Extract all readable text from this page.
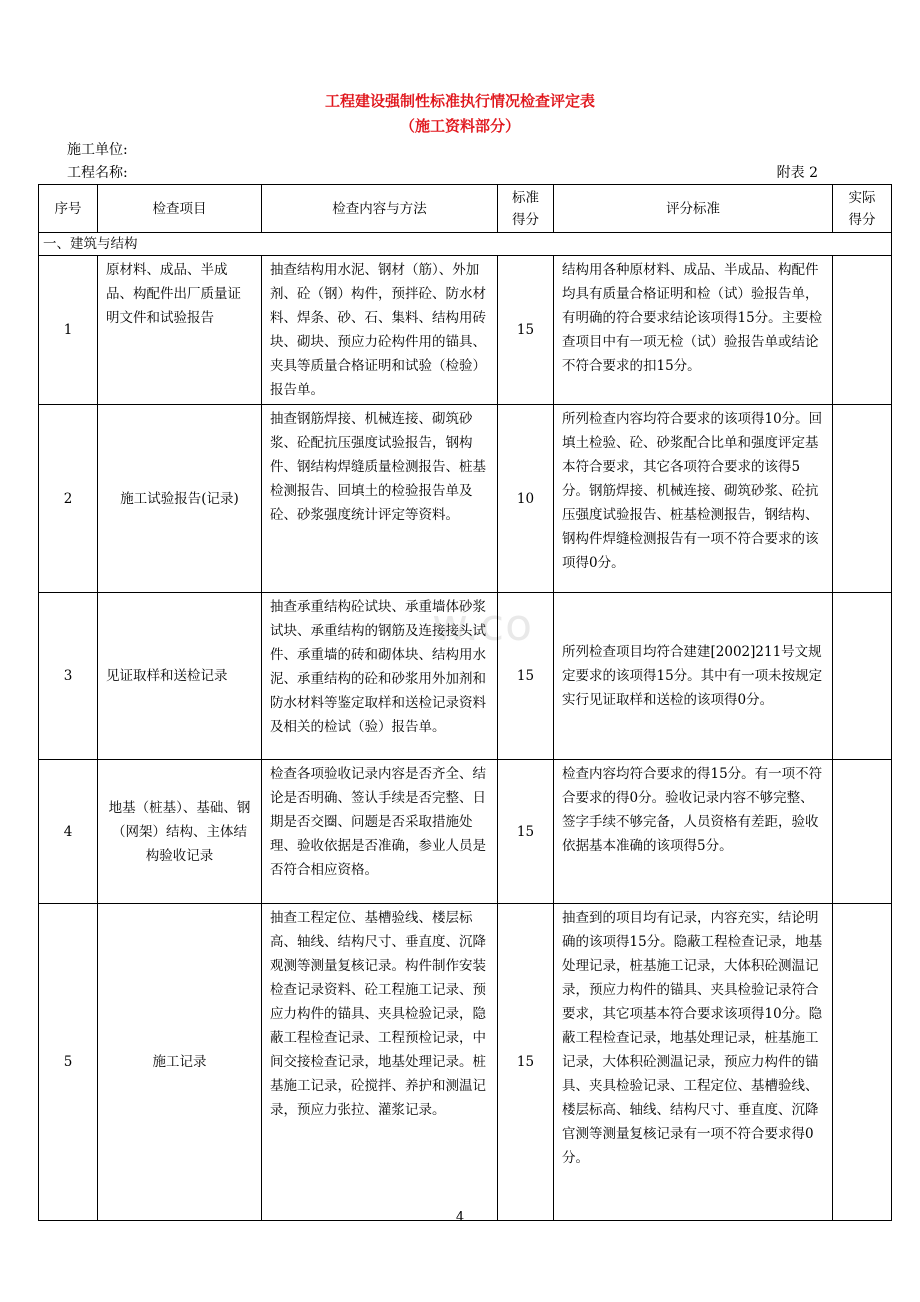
工程建设强制性标准执行情况检查评定表
（施工资料部分）
施工单位:
工程名称:	附表 2
w.co
序号	检查项目	检查内容与方法	标准得分	评分标准	实际得分
一、建筑与结构					
1	原材料、成品、半成品、构配件出厂质量证明文件和试验报告	抽查结构用水泥、钢材（筋）、外加剂、砼（钢）构件，预拌砼、防水材料、焊条、砂、石、集料、结构用砖块、砌块、预应力砼构件用的锚具、夹具等质量合格证明和试验（检验）报告单。	15	结构用各种原材料、成品、半成品、构配件均具有质量合格证明和检（试）验报告单，有明确的符合要求结论该项得15分。主要检查项目中有一项无检（试）验报告单或结论不符合要求的扣15分。	
2	施工试验报告(记录)	抽查钢筋焊接、机械连接、砌筑砂浆、砼配抗压强度试验报告，钢构件、钢结构焊缝质量检测报告、桩基检测报告、回填土的检验报告单及砼、砂浆强度统计评定等资料。	10	所列检查内容均符合要求的该项得10分。回填土检验、砼、砂浆配合比单和强度评定基本符合要求，其它各项符合要求的该得5分。钢筋焊接、机械连接、砌筑砂浆、砼抗压强度试验报告、桩基检测报告，钢结构、钢构件焊缝检测报告有一项不符合要求的该项得0分。	
3	见证取样和送检记录	抽查承重结构砼试块、承重墙体砂浆试块、承重结构的钢筋及连接接头试件、承重墙的砖和砌体块、结构用水泥、承重结构的砼和砂浆用外加剂和防水材料等鉴定取样和送检记录资料及相关的检试（验）报告单。	15	所列检查项目均符合建建[2002]211号文规定要求的该项得15分。其中有一项未按规定实行见证取样和送检的该项得0分。	
4	地基（桩基）、基础、钢（网架）结构、主体结构验收记录	检查各项验收记录内容是否齐全、结论是否明确、签认手续是否完整、日期是否交圈、问题是否采取措施处理、验收依据是否准确，参业人员是否符合相应资格。	15	检查内容均符合要求的得15分。有一项不符合要求的得0分。验收记录内容不够完整、签字手续不够完备，人员资格有差距，验收依据基本准确的该项得5分。	
5	施工记录	抽查工程定位、基槽验线、楼层标高、轴线、结构尺寸、垂直度、沉降观测等测量复核记录。构件制作安装检查记录资料、砼工程施工记录、预应力构件的锚具、夹具检验记录，隐蔽工程检查记录、工程预检记录，中间交接检查记录，地基处理记录。桩基施工记录，砼搅拌、养护和测温记录，预应力张拉、灌浆记录。	15	抽查到的项目均有记录，内容充实，结论明确的该项得15分。隐蔽工程检查记录，地基处理记录，桩基施工记录，大体积砼测温记录，预应力构件的锚具、夹具检验记录符合要求，其它项基本符合要求该项得10分。隐蔽工程检查记录，地基处理记录，桩基施工记录，大体积砼测温记录，预应力构件的锚具、夹具检验记录、工程定位、基槽验线、楼层标高、轴线、结构尺寸、垂直度、沉降官测等测量复核记录有一项不符合要求得0分。	
4
